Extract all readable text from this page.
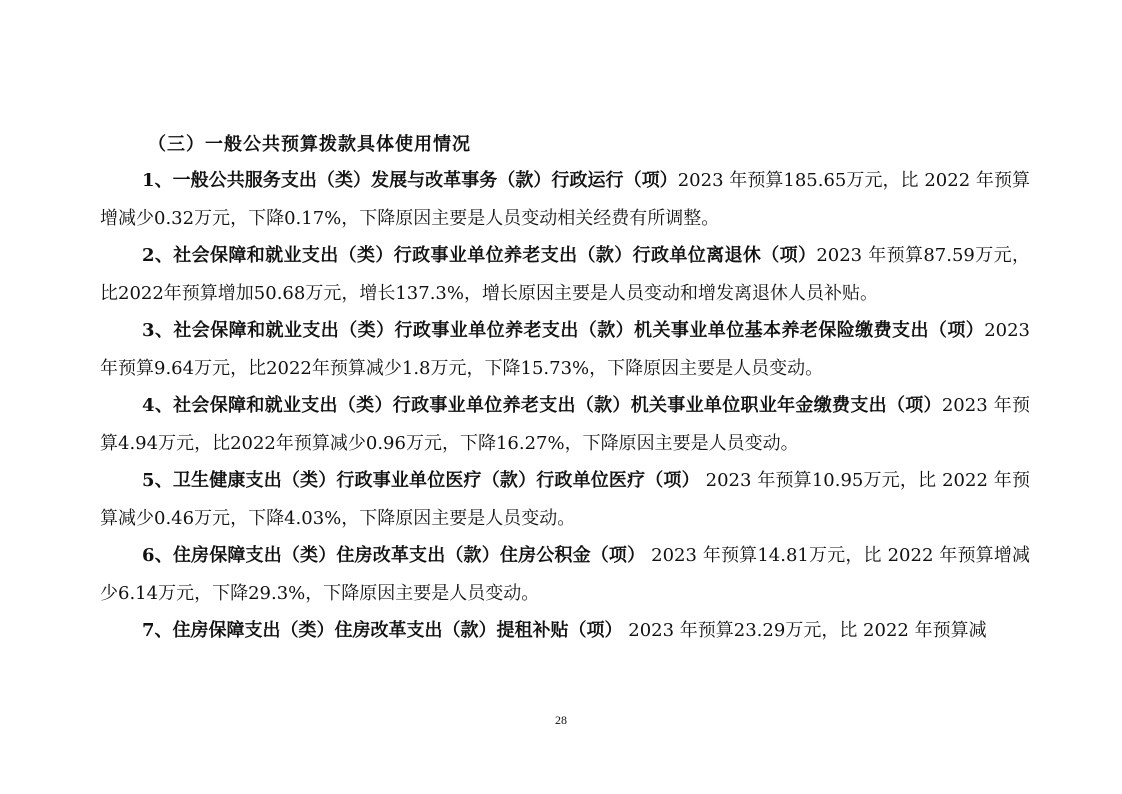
（三）一般公共预算拨款具体使用情况

1、一般公共服务支出（类）发展与改革事务（款）行政运行（项）2023 年预算185.65万元，比 2022 年预算增减少0.32万元，下降0.17%，下降原因主要是人员变动相关经费有所调整。

2、社会保障和就业支出（类）行政事业单位养老支出（款）行政单位离退休（项）2023 年预算87.59万元，比2022年预算增加50.68万元，增长137.3%，增长原因主要是人员变动和增发离退休人员补贴。

3、社会保障和就业支出（类）行政事业单位养老支出（款）机关事业单位基本养老保险缴费支出（项）2023 年预算9.64万元，比2022年预算减少1.8万元，下降15.73%，下降原因主要是人员变动。

4、社会保障和就业支出（类）行政事业单位养老支出（款）机关事业单位职业年金缴费支出（项）2023 年预算4.94万元，比2022年预算减少0.96万元，下降16.27%，下降原因主要是人员变动。

5、卫生健康支出（类）行政事业单位医疗（款）行政单位医疗（项） 2023 年预算10.95万元，比 2022 年预算减少0.46万元，下降4.03%，下降原因主要是人员变动。

6、住房保障支出（类）住房改革支出（款）住房公积金（项） 2023 年预算14.81万元，比 2022 年预算增减少6.14万元，下降29.3%，下降原因主要是人员变动。

7、住房保障支出（类）住房改革支出（款）提租补贴（项） 2023 年预算23.29万元，比 2022 年预算减

28
